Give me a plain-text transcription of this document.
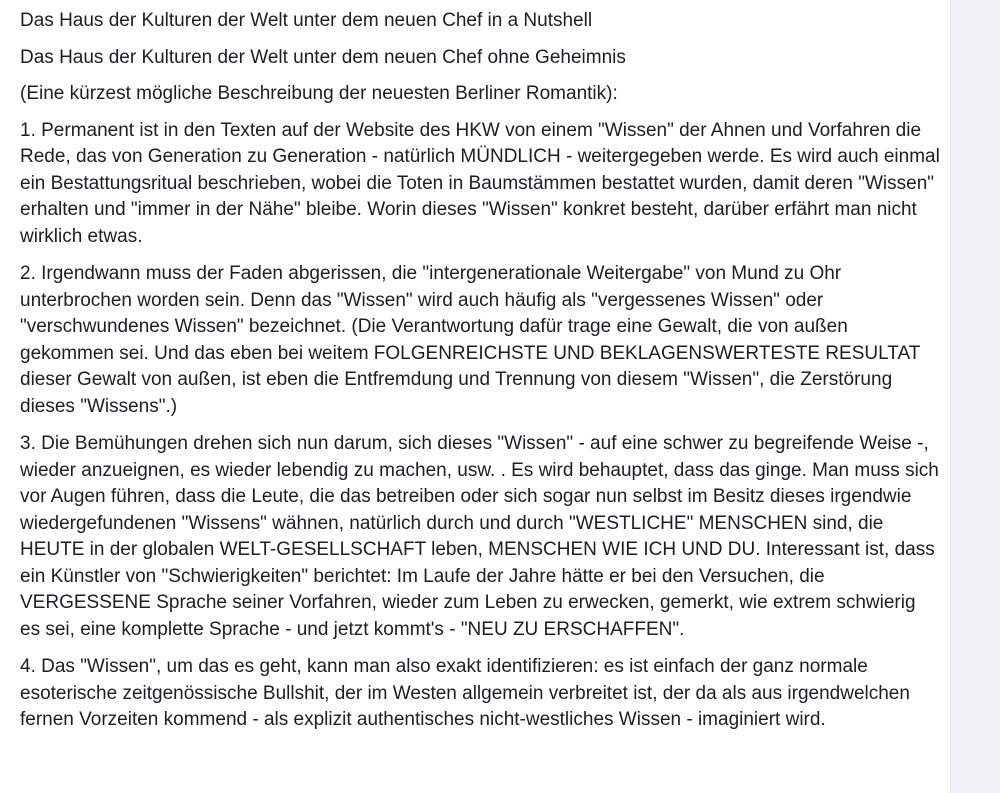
Das Haus der Kulturen der Welt unter dem neuen Chef in a Nutshell

Das Haus der Kulturen der Welt unter dem neuen Chef ohne Geheimnis

(Eine kürzest mögliche Beschreibung der neuesten Berliner Romantik):

1. Permanent ist in den Texten auf der Website des HKW von einem "Wissen" der Ahnen und Vorfahren die Rede, das von Generation zu Generation - natürlich MÜNDLICH - weitergegeben werde. Es wird auch einmal ein Bestattungsritual beschrieben, wobei die Toten in Baumstämmen bestattet wurden, damit deren "Wissen" erhalten und "immer in der Nähe" bleibe. Worin dieses "Wissen" konkret besteht, darüber erfährt man nicht wirklich etwas.

2. Irgendwann muss der Faden abgerissen, die "intergenerationale Weitergabe" von Mund zu Ohr unterbrochen worden sein. Denn das "Wissen" wird auch häufig als "vergessenes Wissen" oder "verschwundenes Wissen" bezeichnet. (Die Verantwortung dafür trage eine Gewalt, die von außen gekommen sei. Und das eben bei weitem FOLGENREICHSTE UND BEKLAGENSWERTESTE RESULTAT dieser Gewalt von außen, ist eben die Entfremdung und Trennung von diesem "Wissen", die Zerstörung dieses "Wissens".)

3. Die Bemühungen drehen sich nun darum, sich dieses "Wissen" - auf eine schwer zu begreifende Weise -, wieder anzueignen, es wieder lebendig zu machen, usw. . Es wird behauptet, dass das ginge. Man muss sich vor Augen führen, dass die Leute, die das betreiben oder sich sogar nun selbst im Besitz dieses irgendwie wiedergefundenen "Wissens" wähnen, natürlich durch und durch "WESTLICHE" MENSCHEN sind, die HEUTE in der globalen WELT-GESELLSCHAFT leben, MENSCHEN WIE ICH UND DU. Interessant ist, dass ein Künstler von "Schwierigkeiten" berichtet: Im Laufe der Jahre hätte er bei den Versuchen, die VERGESSENE Sprache seiner Vorfahren, wieder zum Leben zu erwecken, gemerkt, wie extrem schwierig es sei, eine komplette Sprache - und jetzt kommt's - "NEU ZU ERSCHAFFEN".

4. Das "Wissen", um das es geht, kann man also exakt identifizieren: es ist einfach der ganz normale esoterische zeitgenössische Bullshit, der im Westen allgemein verbreitet ist, der da als aus irgendwelchen fernen Vorzeiten kommend - als explizit authentisches nicht-westliches Wissen - imaginiert wird.
